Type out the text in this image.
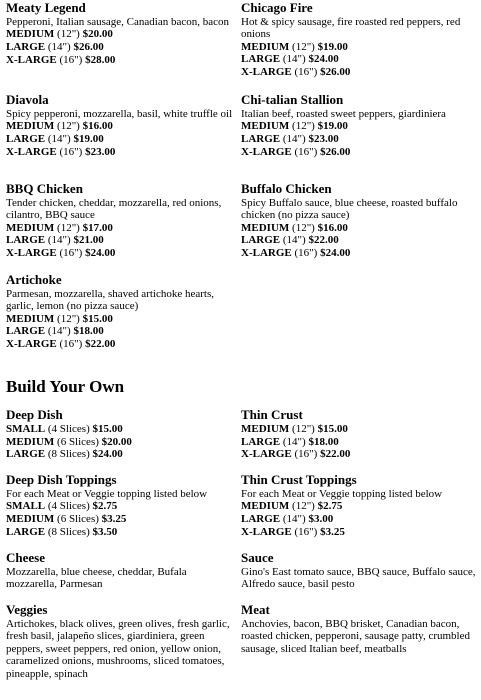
Meaty Legend
Pepperoni, Italian sausage, Canadian bacon, bacon
MEDIUM (12") $20.00
LARGE (14") $26.00
X-LARGE (16") $28.00
Diavola
Spicy pepperoni, mozzarella, basil, white truffle oil
MEDIUM (12") $16.00
LARGE (14") $19.00
X-LARGE (16") $23.00
BBQ Chicken
Tender chicken, cheddar, mozzarella, red onions, cilantro, BBQ sauce
MEDIUM (12") $17.00
LARGE (14") $21.00
X-LARGE (16") $24.00
Artichoke
Parmesan, mozzarella, shaved artichoke hearts, garlic, lemon (no pizza sauce)
MEDIUM (12") $15.00
LARGE (14") $18.00
X-LARGE (16") $22.00
Chicago Fire
Hot & spicy sausage, fire roasted red peppers, red onions
MEDIUM (12") $19.00
LARGE (14") $24.00
X-LARGE (16") $26.00
Chi-talian Stallion
Italian beef, roasted sweet peppers, giardiniera
MEDIUM (12") $19.00
LARGE (14") $23.00
X-LARGE (16") $26.00
Buffalo Chicken
Spicy Buffalo sauce, blue cheese, roasted buffalo chicken (no pizza sauce)
MEDIUM (12") $16.00
LARGE (14") $22.00
X-LARGE (16") $24.00
Build Your Own
Deep Dish
SMALL (4 Slices) $15.00
MEDIUM (6 Slices) $20.00
LARGE (8 Slices) $24.00
Deep Dish Toppings
For each Meat or Veggie topping listed below
SMALL (4 Slices) $2.75
MEDIUM (6 Slices) $3.25
LARGE (8 Slices) $3.50
Cheese
Mozzarella, blue cheese, cheddar, Bufala mozzarella, Parmesan
Veggies
Artichokes, black olives, green olives, fresh garlic, fresh basil, jalapeño slices, giardiniera, green peppers, sweet peppers, red onion, yellow onion, caramelized onions, mushrooms, sliced tomatoes, pineapple, spinach
Thin Crust
MEDIUM (12") $15.00
LARGE (14") $18.00
X-LARGE (16") $22.00
Thin Crust Toppings
For each Meat or Veggie topping listed below
MEDIUM (12") $2.75
LARGE (14") $3.00
X-LARGE (16") $3.25
Sauce
Gino's East tomato sauce, BBQ sauce, Buffalo sauce, Alfredo sauce, basil pesto
Meat
Anchovies, bacon, BBQ brisket, Canadian bacon, roasted chicken, pepperoni, sausage patty, crumbled sausage, sliced Italian beef, meatballs
